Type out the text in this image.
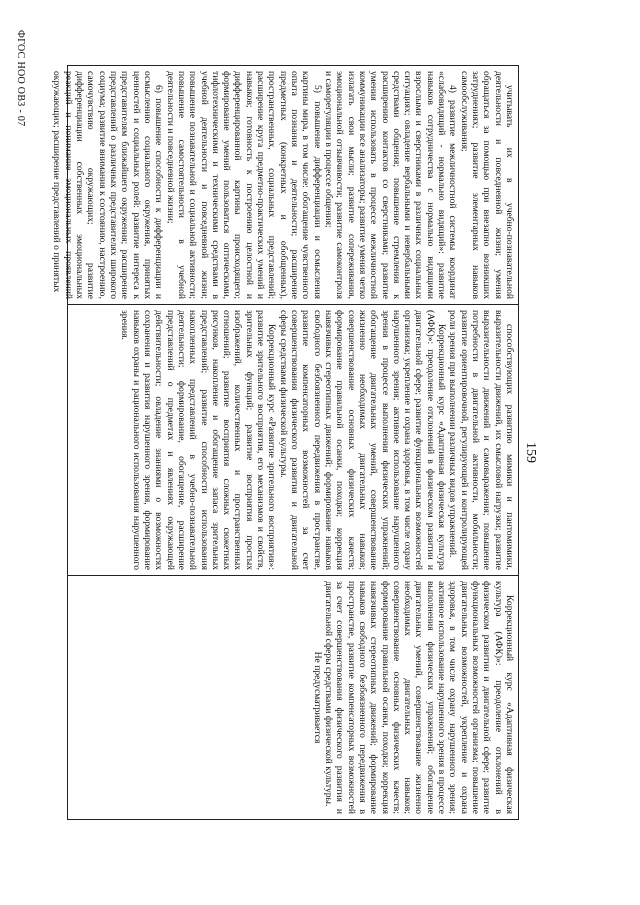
159

учитывать их в учебно-познавательной деятельности и повседневной жизни; умения обращаться за помощью при внезапно возникших затруднениях; развитие элементарных навыков самообслуживания;

4) развитие межличностной системы координат «слабовидящий - нормально видящий»: развитие навыков сотрудничества с нормально видящими взрослыми и сверстниками в различных социальных ситуациях; овладение вербальными и невербальными средствами общения; повышение стремления к расширению контактов со сверстниками; развитие умения использовать в процессе межличностной коммуникации все анализаторы; развитие умения четко излагать свои мысли; развитие сопереживания, эмоциональной отзывчивости; развитие самоконтроля и саморегуляции в процессе общения;

5) повышение дифференциации и осмысления картины мира, в том числе: обогащение чувственного опыта познания и деятельности; расширение предметных (конкретных и обобщенных), пространственных, социальных представлений; расширение круга предметно-практических умений и навыков; готовность к построению целостной и дифференцированной картины происходящего; формирование умений пользоваться оптическими, тифлотехническими и техническими средствами в учебной деятельности и повседневной жизни; повышение познавательной и социальной активности; повышение самостоятельности в учебной деятельности и повседневной жизни;

6) повышение способности к дифференциации и осмыслению социального окружения, принятых ценностей и социальных ролей: развитие интереса к представителям ближайшего окружения; расширение представлений о различных представителях широкого социума; развитие внимания к состоянию, настроению, самочувствию окружающих; развитие дифференциации собственных эмоциональных реакций и понимание эмоциональных проявлений окружающих; расширение представлений о принятых

способствующих развитию мимики и пантомимики, выразительности движений, их смысловой нагрузки; развитие выразительности движений и самовыражения; повышение потребности в двигательной активности, мобильности; развитие ориентировочной, регулирующей и контролирующей роли зрения при выполнении различных видов упражнений.

Коррекционный курс «Адаптивная физическая культура (АФК)»: преодоление отклонений в физическом развитии и двигательной сфере; развитие функциональных возможностей организма; укрепление и охрана здоровья, в том числе охрану нарушенного зрения; активное использование нарушенного зрения в процессе выполнения физических упражнений; обогащение двигательных умений, совершенствование жизненно необходимых двигательных навыков; совершенствование основных физических качеств; формирование правильной осанки, походки; коррекция навязчивых стереотипных движений; формирование навыков свободного безбоязненного передвижения в пространстве, развитие компенсаторных возможностей за счет совершенствования физического развития и двигательной сферы средствами физической культуры.

Коррекционный курс «Развитие зрительного восприятия»: развитие зрительного восприятия, его механизмов и свойств, зрительных функций; развитие восприятия простых изображений, количественных и пространственных отношений; развитие восприятия сложных сюжетных рисунков, накопление и обогащение запаса зрительных представлений; развитие способности использования накопленных представлений в учебно-познавательной деятельности; формирование, обогащение, расширение представлений о предметах и явлениях окружающей действительности; овладение знаниями о возможностях сохранения и развития нарушенного зрения, формирование навыков охраны и рационального использования нарушенного зрения.

Коррекционный курс «Адаптивная физическая культура (АФК)»: преодоление отклонений в физическом развитии и двигательной сфере; развитие функциональных возможностей организма; повышение двигательных возможностей, укрепление и охрана здоровья, в том числе охрану нарушенного зрения; активное использование нарушенного зрения в процессе выполнения физических упражнений; обогащение двигательных умений, совершенствование жизненно необходимых двигательных навыков; совершенствование основных физических качеств; формирование правильной осанки, походки; коррекция навязчивых стереотипных движений; формирование навыков свободного безбоязненного передвижения в пространстве, развитие компенсаторных возможностей за счет совершенствования физического развития и двигательной сферы средствами физической культуры.

Не предусматривается

ФГОС НОО ОВЗ - 07
